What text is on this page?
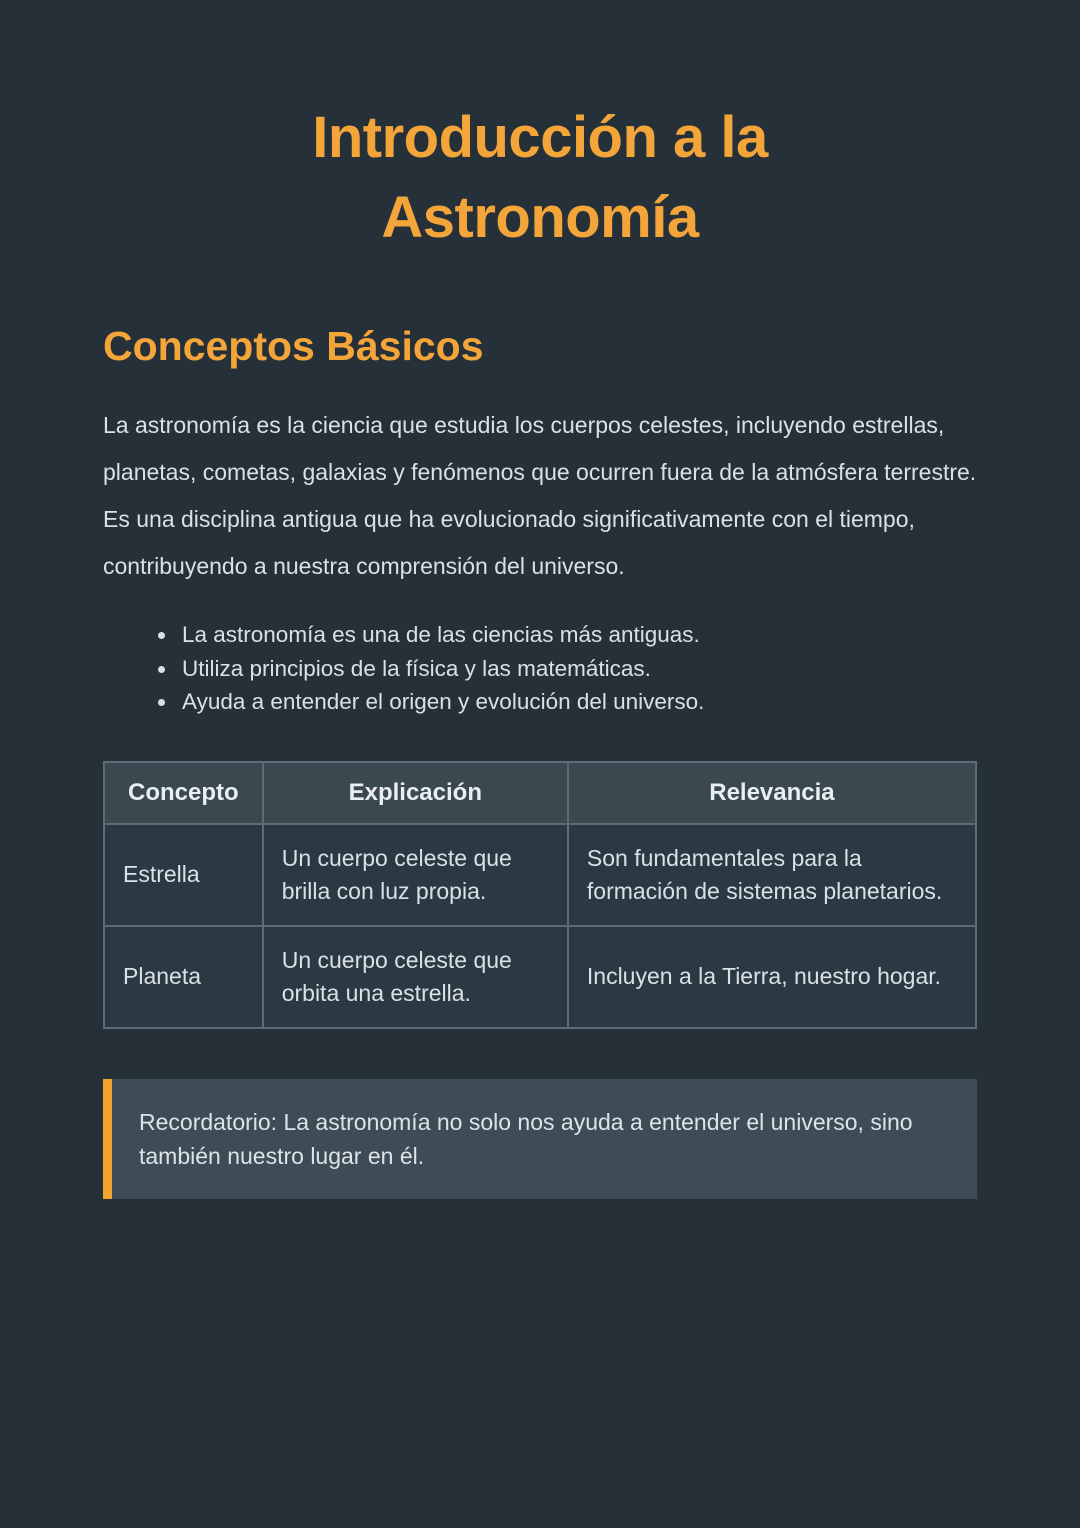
Introducción a la Astronomía
Conceptos Básicos

La astronomía es la ciencia que estudia los cuerpos celestes, incluyendo estrellas, planetas, cometas, galaxias y fenómenos que ocurren fuera de la atmósfera terrestre. Es una disciplina antigua que ha evolucionado significativamente con el tiempo, contribuyendo a nuestra comprensión del universo.

• La astronomía es una de las ciencias más antiguas.
• Utiliza principios de la física y las matemáticas.
• Ayuda a entender el origen y evolución del universo.
Concepto	Explicación	Relevancia
Estrella	Un cuerpo celeste que brilla con luz propia.	Son fundamentales para la formación de sistemas planetarios.
Planeta	Un cuerpo celeste que orbita una estrella.	Incluyen a la Tierra, nuestro hogar.

Recordatorio: La astronomía no solo nos ayuda a entender el universo, sino también nuestro lugar en él.
